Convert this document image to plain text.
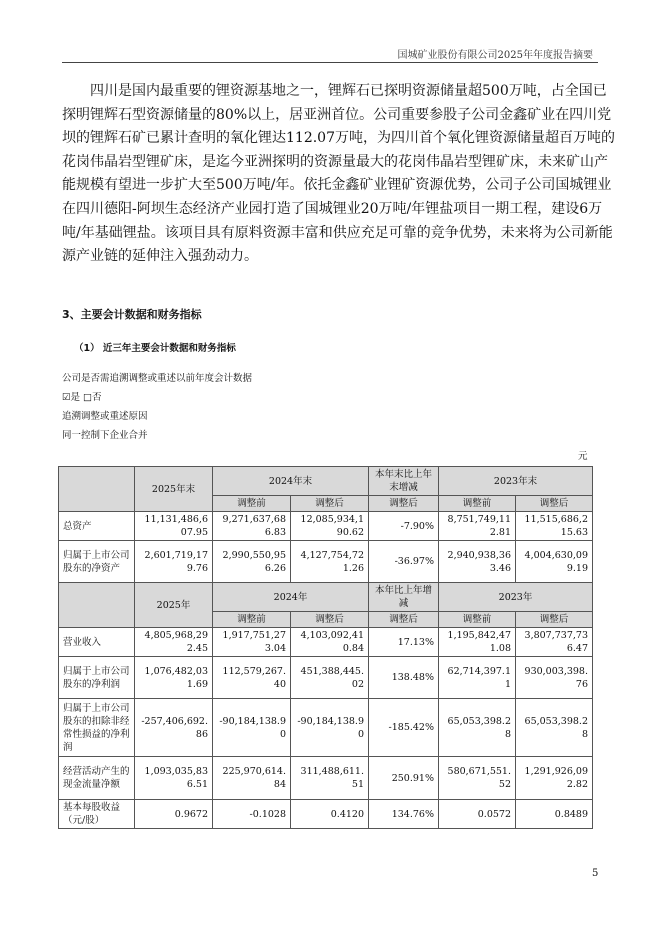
国城矿业股份有限公司2025年年度报告摘要
　　四川是国内最重要的锂资源基地之一，锂辉石已探明资源储量超500万吨，占全国已
探明锂辉石型资源储量的80%以上，居亚洲首位。公司重要参股子公司金鑫矿业在四川党
坝的锂辉石矿已累计查明的氧化锂达112.07万吨，为四川首个氧化锂资源储量超百万吨的
花岗伟晶岩型锂矿床，是迄今亚洲探明的资源量最大的花岗伟晶岩型锂矿床，未来矿山产
能规模有望进一步扩大至500万吨/年。依托金鑫矿业锂矿资源优势，公司子公司国城锂业
在四川德阳-阿坝生态经济产业园打造了国城锂业20万吨/年锂盐项目一期工程，建设6万
吨/年基础锂盐。该项目具有原料资源丰富和供应充足可靠的竞争优势，未来将为公司新能
源产业链的延伸注入强劲动力。
3、主要会计数据和财务指标
（1） 近三年主要会计数据和财务指标
公司是否需追溯调整或重述以前年度会计数据
☑是 □否
追溯调整或重述原因
同一控制下企业合并
元
	2025年末	2024年末		本年末比上年末增减	2023年末	
		调整前	调整后	调整后	调整前	调整后
总资产	11,131,486,607.95	9,271,637,686.83	12,085,934,190.62	-7.90%	8,751,749,112.81	11,515,686,215.63
归属于上市公司股东的净资产	2,601,719,179.76	2,990,550,956.26	4,127,754,721.26	-36.97%	2,940,938,363.46	4,004,630,099.19
	2025年	2024年		本年比上年增减	2023年	
		调整前	调整后	调整后	调整前	调整后
营业收入	4,805,968,292.45	1,917,751,273.04	4,103,092,410.84	17.13%	1,195,842,471.08	3,807,737,736.47
归属于上市公司股东的净利润	1,076,482,031.69	112,579,267.40	451,388,445.02	138.48%	62,714,397.11	930,003,398.76
归属于上市公司股东的扣除非经常性损益的净利润	-257,406,692.86	-90,184,138.90	-90,184,138.90	-185.42%	65,053,398.28	65,053,398.28
经营活动产生的现金流量净额	1,093,035,836.51	225,970,614.84	311,488,611.51	250.91%	580,671,551.52	1,291,926,092.82
基本每股收益（元/股）	0.9672	-0.1028	0.4120	134.76%	0.0572	0.8489
5
